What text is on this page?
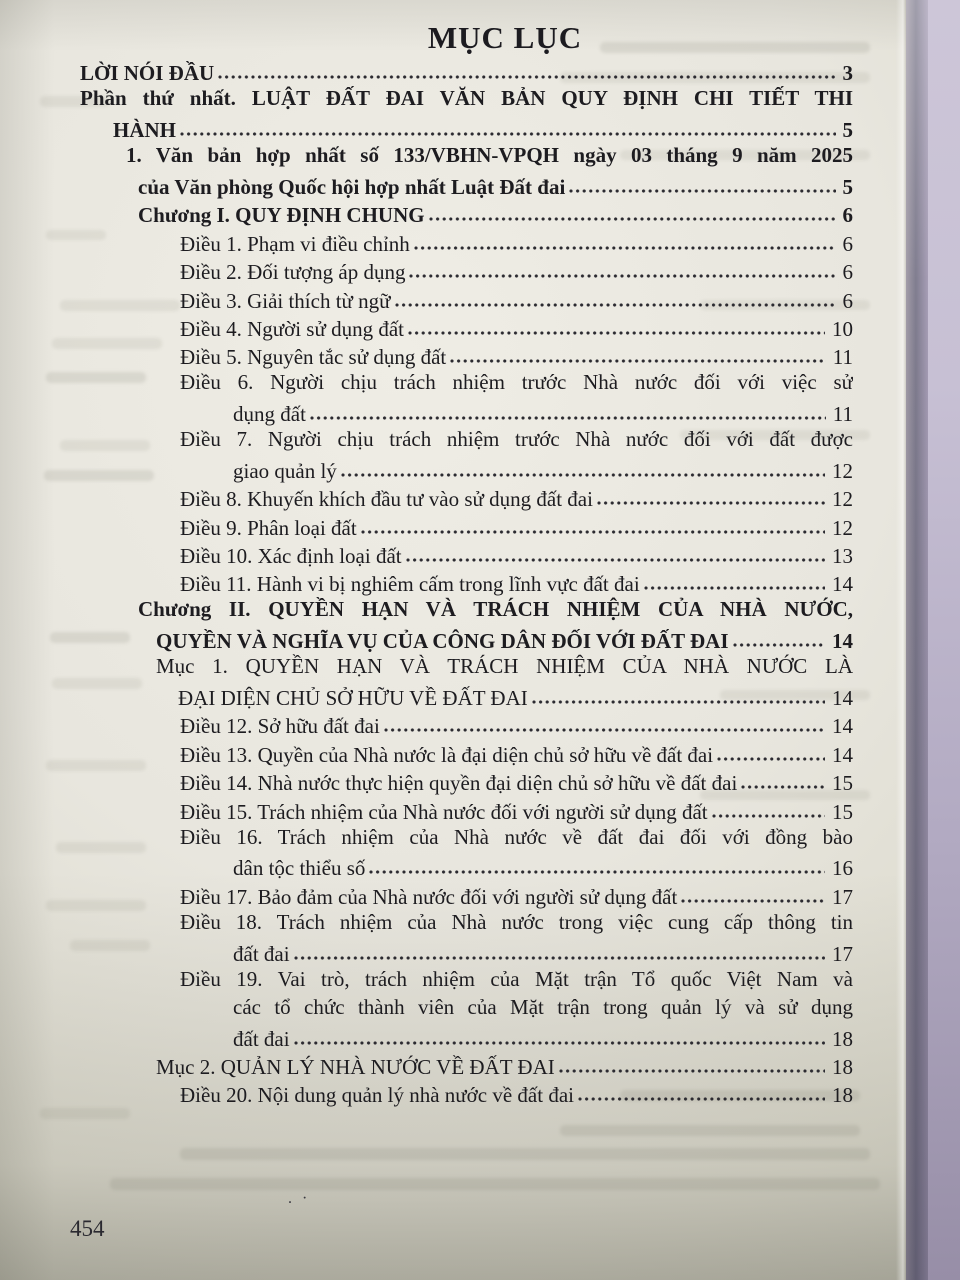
MỤC LỤC
LỜI NÓI ĐẦU	3
Phần thứ nhất. LUẬT ĐẤT ĐAI VĂN BẢN QUY ĐỊNH CHI TIẾT THI
HÀNH	5
1. Văn bản hợp nhất số 133/VBHN-VPQH ngày 03 tháng 9 năm 2025
của Văn phòng Quốc hội hợp nhất Luật Đất đai	5
Chương I. QUY ĐỊNH CHUNG	6
Điều 1. Phạm vi điều chỉnh	6
Điều 2. Đối tượng áp dụng	6
Điều 3. Giải thích từ ngữ	6
Điều 4. Người sử dụng đất	10
Điều 5. Nguyên tắc sử dụng đất	11
Điều 6. Người chịu trách nhiệm trước Nhà nước đối với việc sử
dụng đất	11
Điều 7. Người chịu trách nhiệm trước Nhà nước đối với đất được
giao quản lý	12
Điều 8. Khuyến khích đầu tư vào sử dụng đất đai	12
Điều 9. Phân loại đất	12
Điều 10. Xác định loại đất	13
Điều 11. Hành vi bị nghiêm cấm trong lĩnh vực đất đai	14
Chương II. QUYỀN HẠN VÀ TRÁCH NHIỆM CỦA NHÀ NƯỚC,
QUYỀN VÀ NGHĨA VỤ CỦA CÔNG DÂN ĐỐI VỚI ĐẤT ĐAI	14
Mục 1. QUYỀN HẠN VÀ TRÁCH NHIỆM CỦA NHÀ NƯỚC LÀ
ĐẠI DIỆN CHỦ SỞ HỮU VỀ ĐẤT ĐAI	14
Điều 12. Sở hữu đất đai	14
Điều 13. Quyền của Nhà nước là đại diện chủ sở hữu về đất đai	14
Điều 14. Nhà nước thực hiện quyền đại diện chủ sở hữu về đất đai	15
Điều 15. Trách nhiệm của Nhà nước đối với người sử dụng đất	15
Điều 16. Trách nhiệm của Nhà nước về đất đai đối với đồng bào
dân tộc thiểu số	16
Điều 17. Bảo đảm của Nhà nước đối với người sử dụng đất	17
Điều 18. Trách nhiệm của Nhà nước trong việc cung cấp thông tin
đất đai	17
Điều 19. Vai trò, trách nhiệm của Mặt trận Tổ quốc Việt Nam và
các tổ chức thành viên của Mặt trận trong quản lý và sử dụng
đất đai	18
Mục 2. QUẢN LÝ NHÀ NƯỚC VỀ ĐẤT ĐAI	18
Điều 20. Nội dung quản lý nhà nước về đất đai	18
. ·
454
